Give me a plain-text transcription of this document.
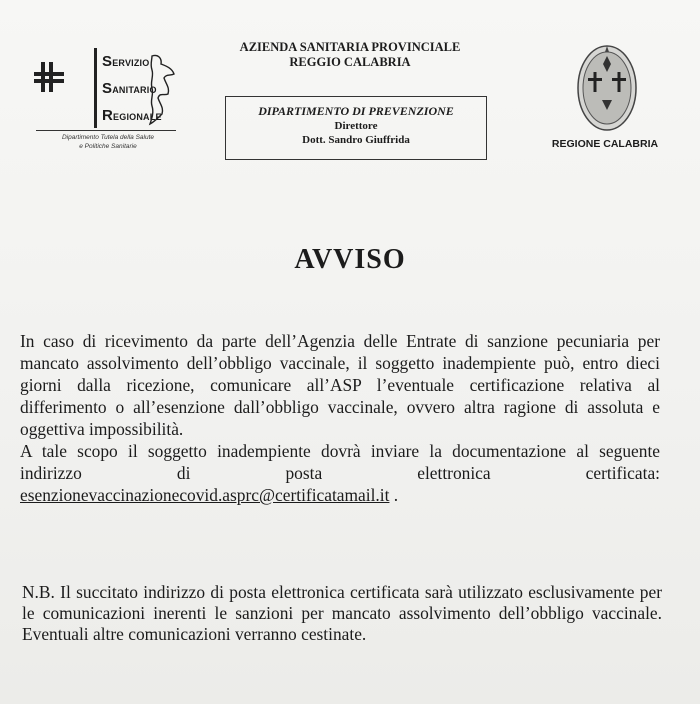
SERVIZIO
SANITARIO
REGIONALE
Dipartimento Tutela della Salute
e Politiche Sanitarie
AZIENDA SANITARIA PROVINCIALE
REGGIO CALABRIA
DIPARTIMENTO DI PREVENZIONE
Direttore
Dott. Sandro Giuffrida	REGIONE CALABRIA
AVVISO

In caso di ricevimento da parte dell’Agenzia delle Entrate di sanzione pecuniaria per mancato assolvimento dell’obbligo vaccinale, il soggetto inadempiente può, entro dieci giorni dalla ricezione, comunicare all’ASP l’eventuale certificazione relativa al differimento o all’esenzione dall’obbligo vaccinale, ovvero altra ragione di assoluta e oggettiva impossibilità.

A tale scopo il soggetto inadempiente dovrà inviare la documentazione al seguente indirizzo di posta elettronica certificata: esenzionevaccinazionecovid.asprc@certificatamail.it .

N.B. Il succitato indirizzo di posta elettronica certificata sarà utilizzato esclusivamente per le comunicazioni inerenti le sanzioni per mancato assolvimento dell’obbligo vaccinale. Eventuali altre comunicazioni verranno cestinate.
